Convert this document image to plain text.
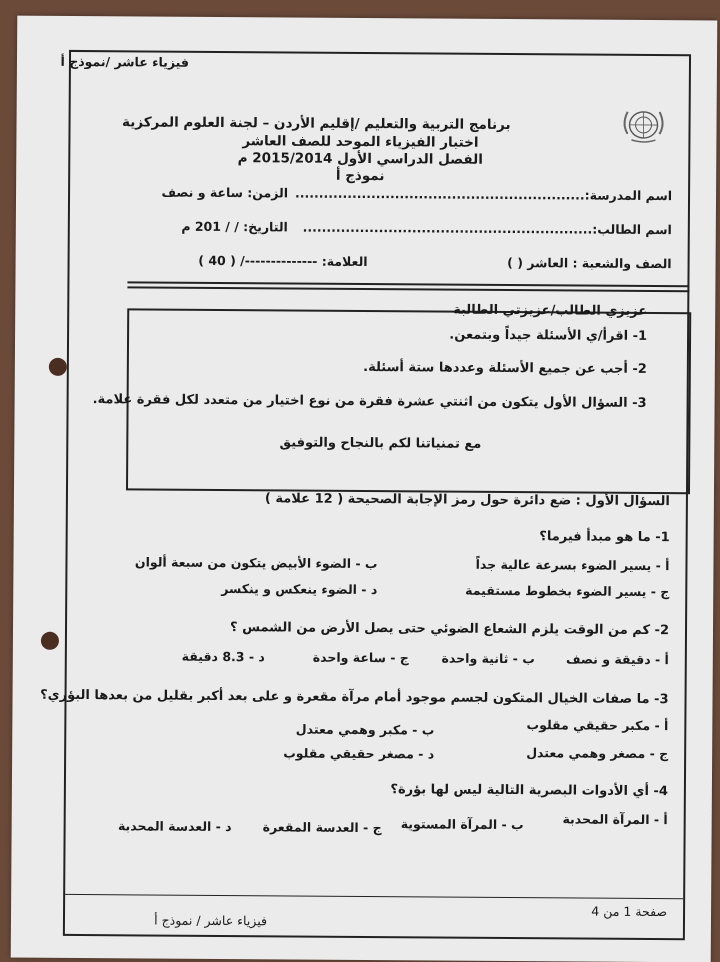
فيزياء عاشر /نموذج أ
برنامج التربية والتعليم /إقليم الأردن – لجنة العلوم المركزية
اختبار الفيزياء الموحد للصف العاشر
الفصل الدراسي الأول 2015/2014 م
نموذج أ
اسم المدرسة:.............................................................
الزمن: ساعة و نصف
اسم الطالب:.............................................................
التاريخ: / / 201 م
الصف والشعبة : العاشر ( )
العلامة: --------------/ ( 40 )
عزيزي الطالب/عزيزتي الطالبة
1- اقرأ/ي الأسئلة جيداً وبتمعن.
2- أجب عن جميع الأسئلة وعددها ستة أسئلة.
3- السؤال الأول يتكون من اثنتي عشرة فقرة من نوع اختيار من متعدد لكل فقرة علامة.
مع تمنياتنا لكم بالنجاح والتوفيق
السؤال الأول : ضع دائرة حول رمز الإجابة الصحيحة ( 12 علامة )
1- ما هو مبدأ فيرما؟
أ - يسير الضوء بسرعة عالية جداً
ب - الضوء الأبيض يتكون من سبعة ألوان
ج - يسير الضوء بخطوط مستقيمة
د - الضوء ينعكس و ينكسر
2- كم من الوقت يلزم الشعاع الضوئي حتى يصل الأرض من الشمس ؟
أ - دقيقة و نصف
ب - ثانية واحدة
ج - ساعة واحدة
د - 8.3 دقيقة
3- ما صفات الخيال المتكون لجسم موجود أمام مرآة مقعرة و على بعد أكبر بقليل من بعدها البؤري؟
أ - مكبر حقيقي مقلوب
ب - مكبر وهمي معتدل
ج - مصغر وهمي معتدل
د - مصغر حقيقي مقلوب
4- أي الأدوات البصرية التالية ليس لها بؤرة؟
أ - المرآة المحدبة
ب - المرآة المستوية
ج - العدسة المقعرة
د - العدسة المحدبة
صفحة 1 من 4
فيزياء عاشر / نموذج أ
